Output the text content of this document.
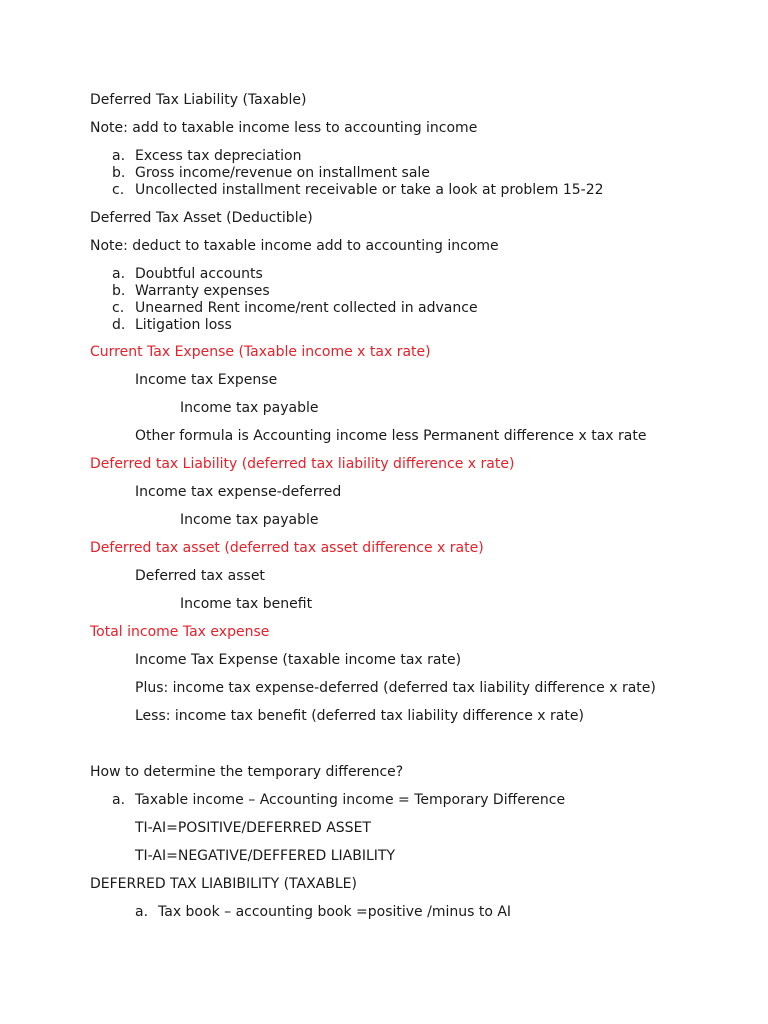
Deferred Tax Liability (Taxable)
Note: add to taxable income less to accounting income
a. Excess tax depreciation
b. Gross income/revenue on installment sale
c. Uncollected installment receivable or take a look at problem 15-22
Deferred Tax Asset (Deductible)
Note: deduct to taxable income add to accounting income
a. Doubtful accounts
b. Warranty expenses
c. Unearned Rent income/rent collected in advance
d. Litigation loss
Current Tax Expense (Taxable income x tax rate)
Income tax Expense
Income tax payable
Other formula is Accounting income less Permanent difference x tax rate
Deferred tax Liability (deferred tax liability difference x rate)
Income tax expense-deferred
Income tax payable
Deferred tax asset (deferred tax asset difference x rate)
Deferred tax asset
Income tax benefit
Total income Tax expense
Income Tax Expense (taxable income tax rate)
Plus: income tax expense-deferred (deferred tax liability difference x rate)
Less: income tax benefit (deferred tax liability difference x rate)
How to determine the temporary difference?
a. Taxable income – Accounting income = Temporary Difference
TI-AI=POSITIVE/DEFERRED ASSET
TI-AI=NEGATIVE/DEFFERED LIABILITY
DEFERRED TAX LIABIBILITY (TAXABLE)
a. Tax book – accounting book =positive /minus to AI
